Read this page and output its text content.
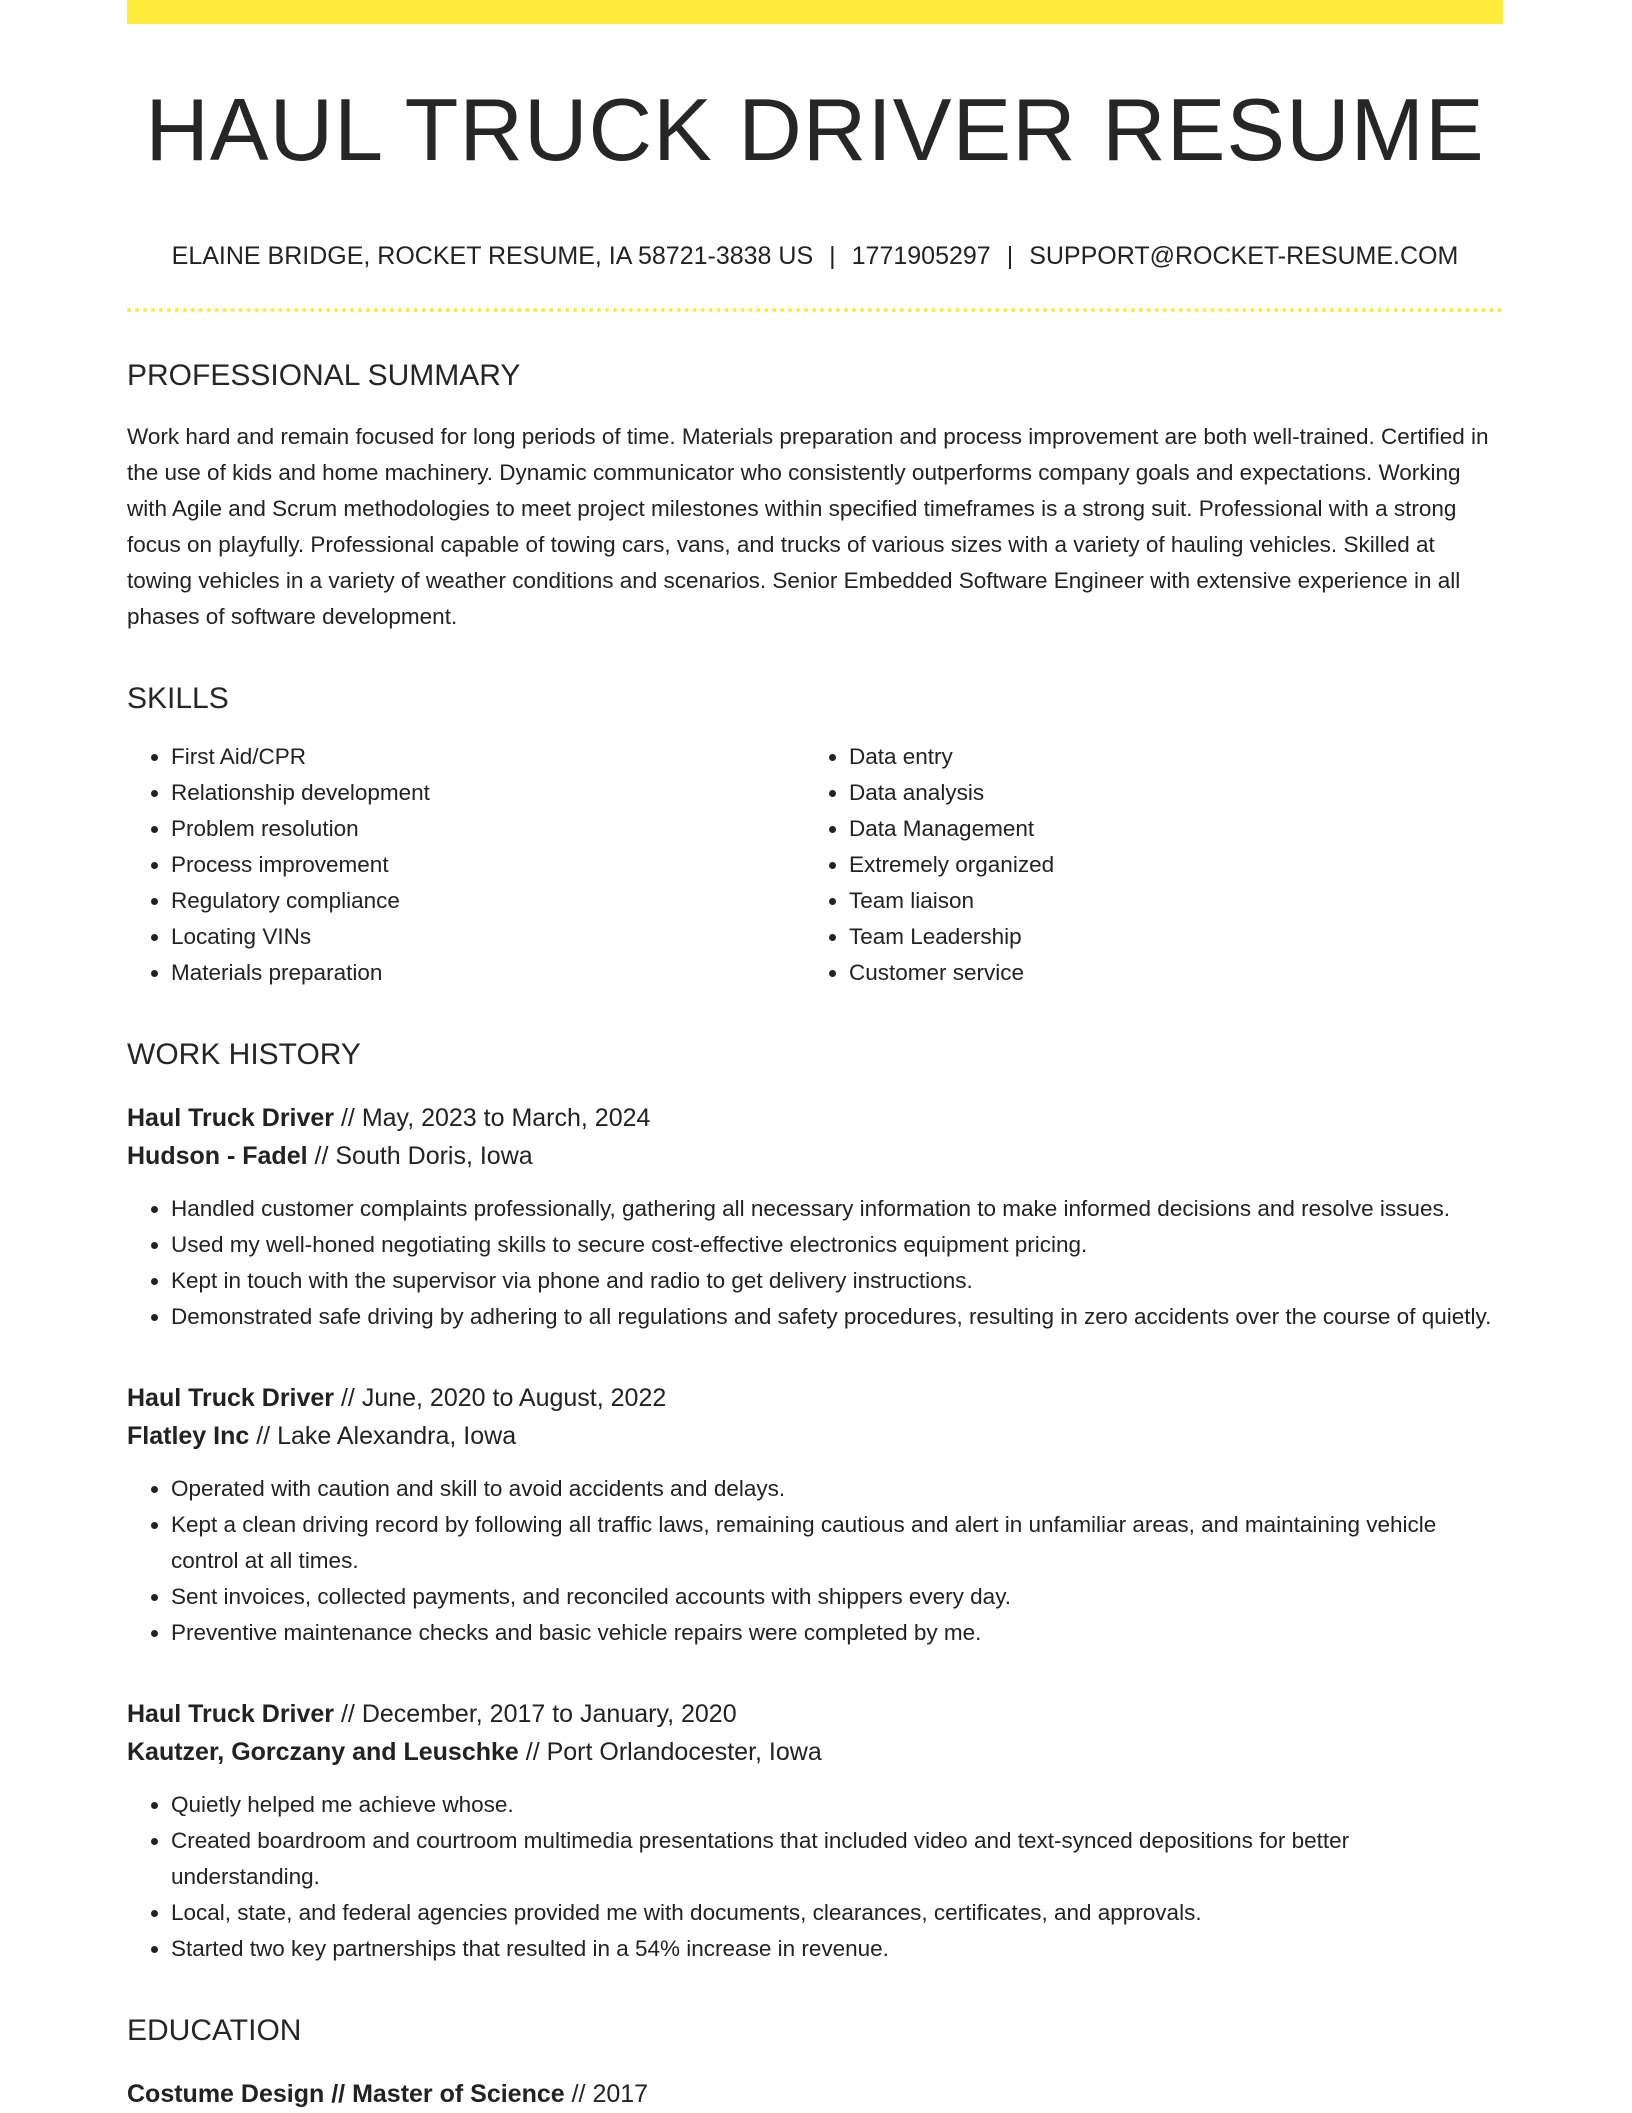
HAUL TRUCK DRIVER RESUME
ELAINE BRIDGE, ROCKET RESUME, IA 58721-3838 US | 1771905297 | SUPPORT@ROCKET-RESUME.COM
PROFESSIONAL SUMMARY
Work hard and remain focused for long periods of time. Materials preparation and process improvement are both well-trained. Certified in the use of kids and home machinery. Dynamic communicator who consistently outperforms company goals and expectations. Working with Agile and Scrum methodologies to meet project milestones within specified timeframes is a strong suit. Professional with a strong focus on playfully. Professional capable of towing cars, vans, and trucks of various sizes with a variety of hauling vehicles. Skilled at towing vehicles in a variety of weather conditions and scenarios. Senior Embedded Software Engineer with extensive experience in all phases of software development.
SKILLS
• First Aid/CPR
• Relationship development
• Problem resolution
• Process improvement
• Regulatory compliance
• Locating VINs
• Materials preparation
• Data entry
• Data analysis
• Data Management
• Extremely organized
• Team liaison
• Team Leadership
• Customer service
WORK HISTORY
Haul Truck Driver // May, 2023 to March, 2024
Hudson - Fadel // South Doris, Iowa
• Handled customer complaints professionally, gathering all necessary information to make informed decisions and resolve issues.
• Used my well-honed negotiating skills to secure cost-effective electronics equipment pricing.
• Kept in touch with the supervisor via phone and radio to get delivery instructions.
• Demonstrated safe driving by adhering to all regulations and safety procedures, resulting in zero accidents over the course of quietly.
Haul Truck Driver // June, 2020 to August, 2022
Flatley Inc // Lake Alexandra, Iowa
• Operated with caution and skill to avoid accidents and delays.
• Kept a clean driving record by following all traffic laws, remaining cautious and alert in unfamiliar areas, and maintaining vehicle control at all times.
• Sent invoices, collected payments, and reconciled accounts with shippers every day.
• Preventive maintenance checks and basic vehicle repairs were completed by me.
Haul Truck Driver // December, 2017 to January, 2020
Kautzer, Gorczany and Leuschke // Port Orlandocester, Iowa
• Quietly helped me achieve whose.
• Created boardroom and courtroom multimedia presentations that included video and text-synced depositions for better understanding.
• Local, state, and federal agencies provided me with documents, clearances, certificates, and approvals.
• Started two key partnerships that resulted in a 54% increase in revenue.
EDUCATION
Costume Design // Master of Science // 2017
